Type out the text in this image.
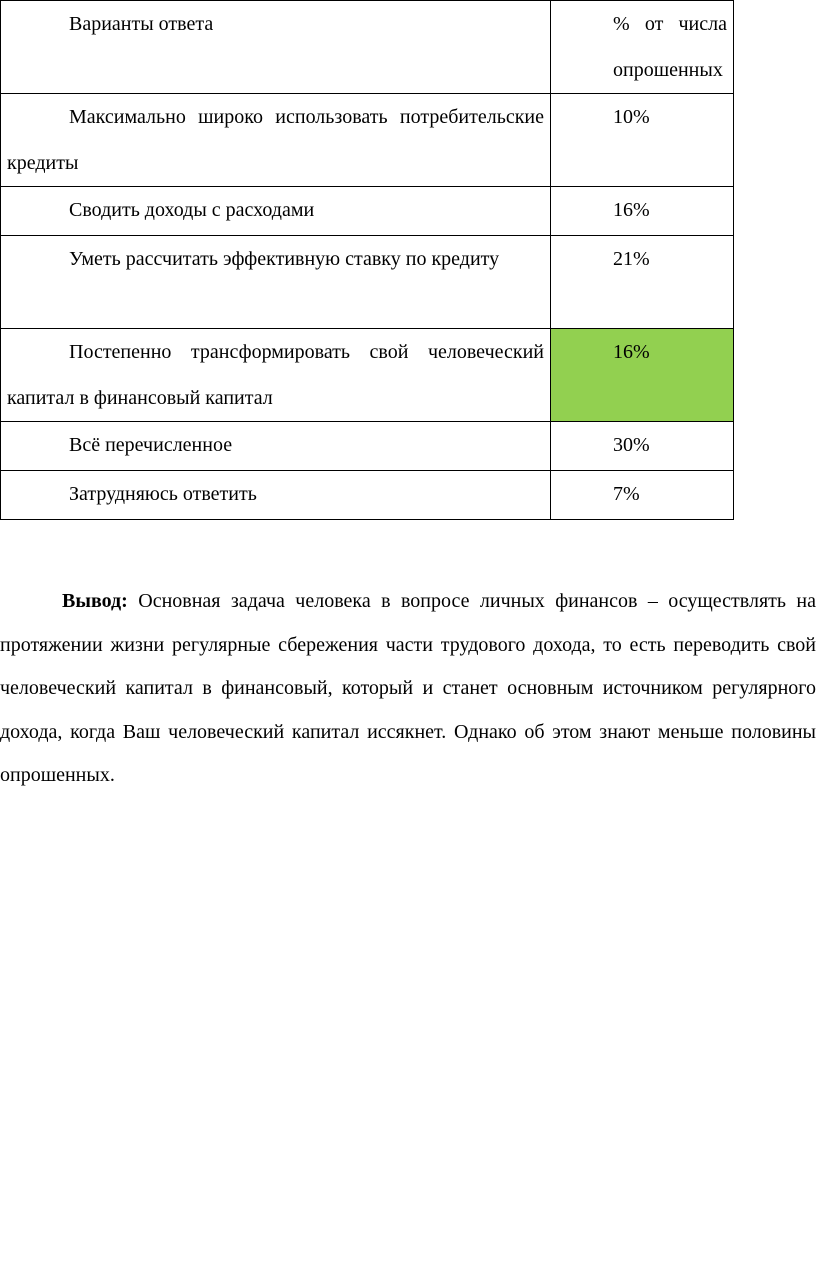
Варианты ответа	% от числа опрошенных

Максимально широко использовать потребительские кредиты	10%

Сводить доходы с расходами	16%

Уметь рассчитать эффективную ставку по кредиту	21%

Постепенно трансформировать свой человеческий капитал в финансовый капитал	16%

Всё перечисленное	30%

Затрудняюсь ответить	7%

Вывод: Основная задача человека в вопросе личных финансов – осуществлять на протяжении жизни регулярные сбережения части трудового дохода, то есть переводить свой человеческий капитал в финансовый, который и станет основным источником регулярного дохода, когда Ваш человеческий капитал иссякнет. Однако об этом знают меньше половины опрошенных.
